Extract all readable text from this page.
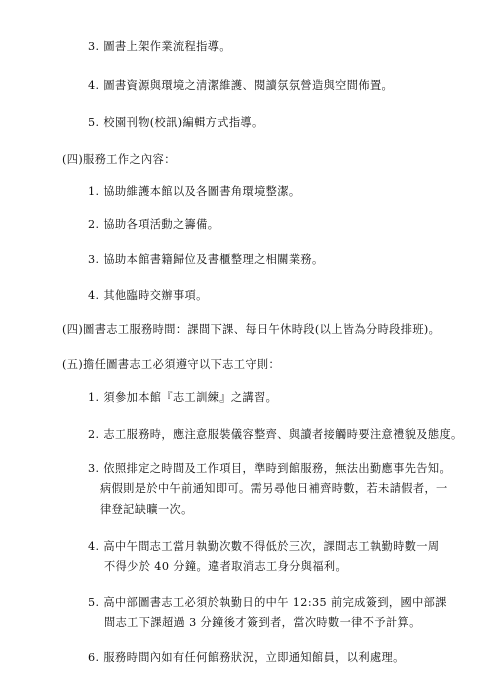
3. 圖書上架作業流程指導。
4. 圖書資源與環境之清潔維護、閱讀氛氛營造與空間佈置。
5. 校園刊物(校訊)編輯方式指導。
(四)服務工作之內容：
1. 協助維護本館以及各圖書角環境整潔。
2. 協助各項活動之籌備。
3. 協助本館書籍歸位及書櫃整理之相關業務。
4. 其他臨時交辦事項。
(四)圖書志工服務時間：課間下課、每日午休時段(以上皆為分時段排班)。
(五)擔任圖書志工必須遵守以下志工守則：
1. 須參加本館『志工訓練』之講習。
2. 志工服務時，應注意服裝儀容整齊、與讀者接觸時要注意禮貌及態度。
3. 依照排定之時間及工作項目，準時到館服務，無法出勤應事先告知。
病假則是於中午前通知即可。需另尋他日補齊時數，若未請假者，一
律登記缺曠一次。
4. 高中午間志工當月執勤次數不得低於三次，課間志工執勤時數一周
不得少於 40 分鐘。違者取消志工身分與福利。
5. 高中部圖書志工必須於執勤日的中午 12:35 前完成簽到，國中部課
間志工下課超過 3 分鐘後才簽到者，當次時數一律不予計算。
6. 服務時間內如有任何館務狀況，立即通知館員，以利處理。
